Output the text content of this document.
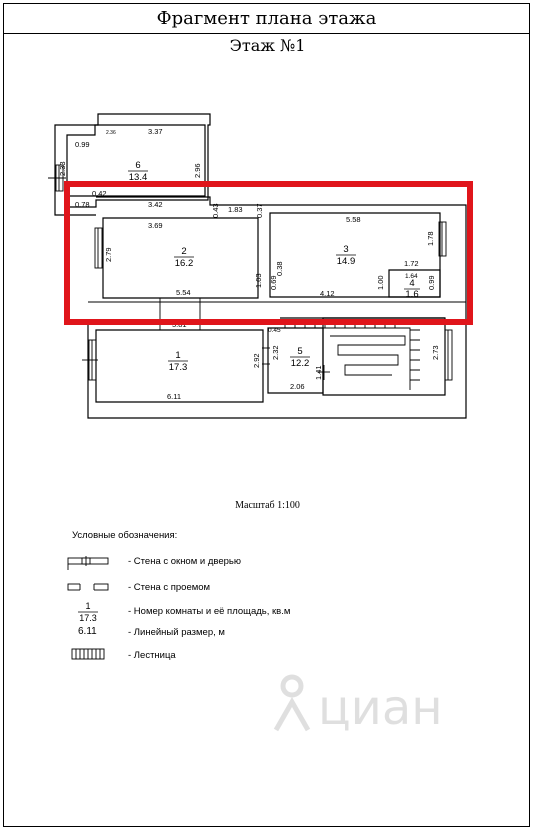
Фрагмент плана этажа
Этаж №1
6
13.4
2
16.2
3
14.9
4
1.6
1
17.3
5
12.2
3.37
0.99
2.36
2.33	2.96
0.42
0.78	3.42	0.43 1.83 0.37
5.58
3.69
2.79
1.78
1.72
1.64
0.38
1.03 0.69
4.12
1.00	0.99
5.54
5.81
0.45
2.32
2.92
1.41
2.06
2.73
6.11
Масштаб 1:100
Условные обозначения:
- Стена с окном и дверью
- Стена с проемом
1
17.3
- Номер комнаты и её площадь, кв.м
6.11	- Линейный размер, м
- Лестница
циан
